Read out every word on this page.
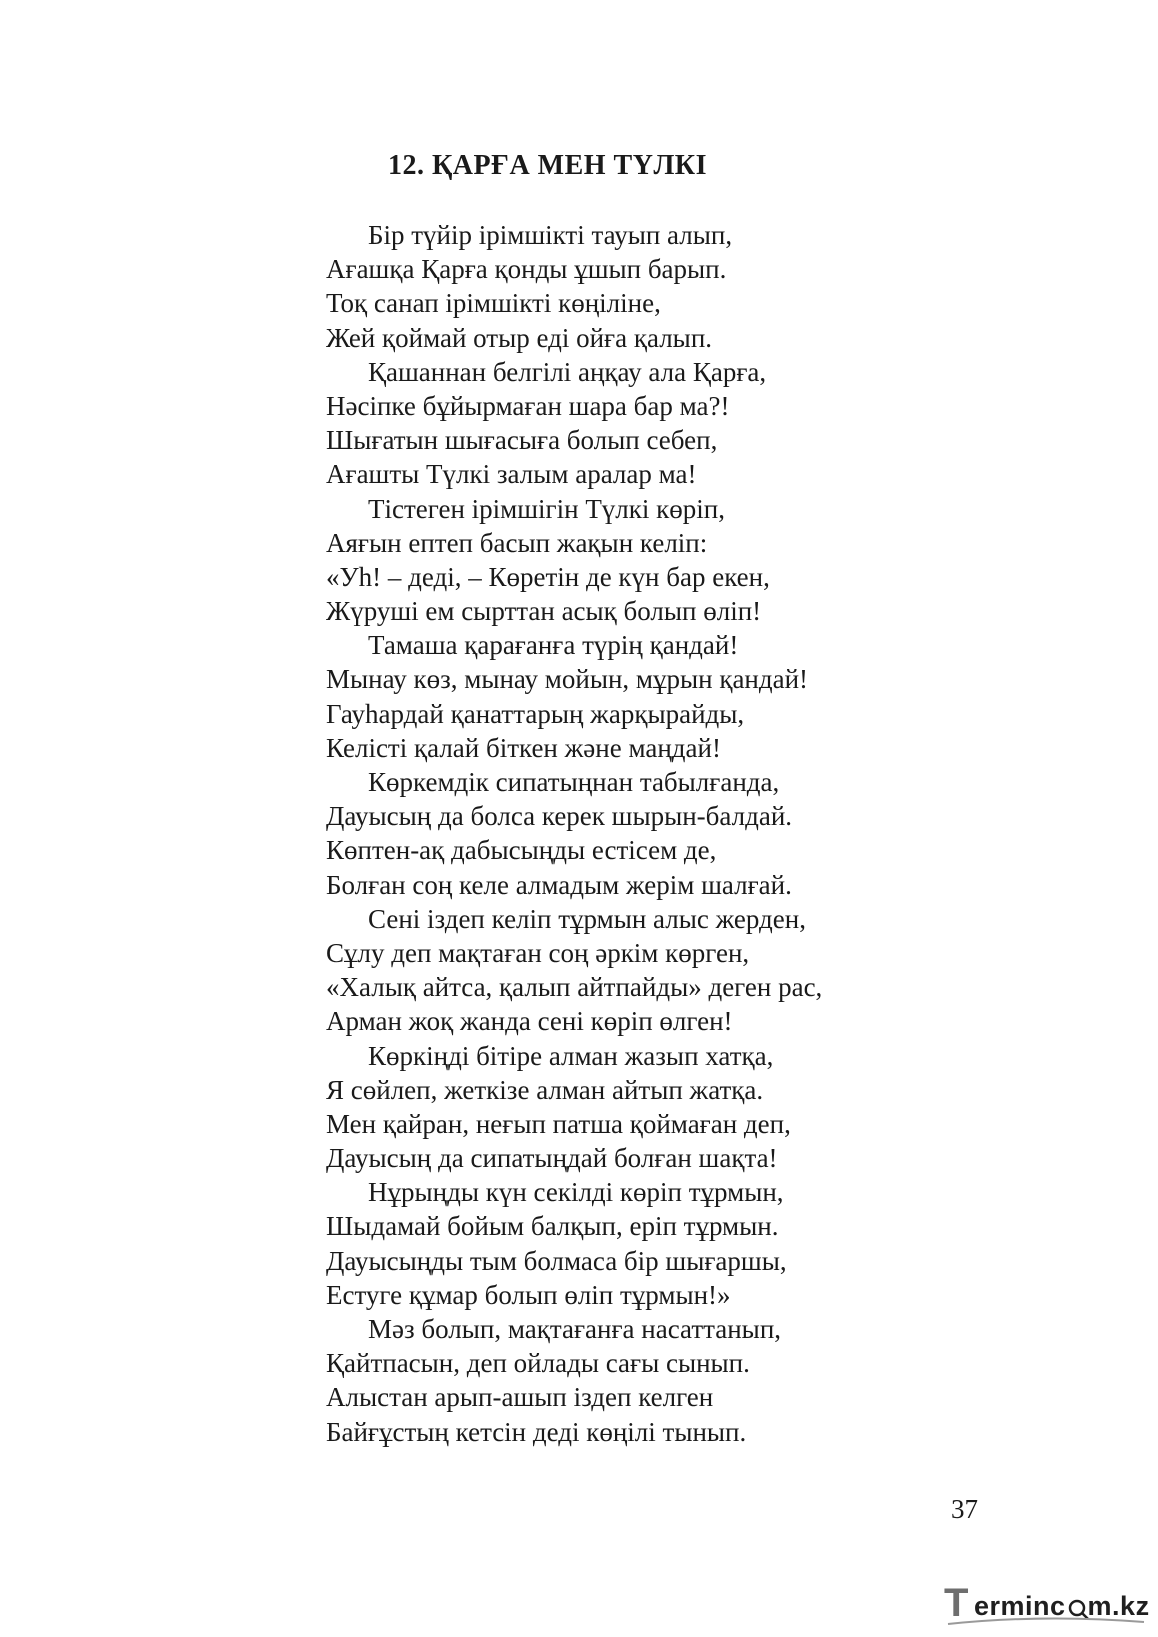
12. ҚАРҒА МЕН ТҮЛКІ
Бір түйір ірімшікті тауып алып,
Ағашқа Қарға қонды ұшып барып.
Тоқ санап ірімшікті көңіліне,
Жей қоймай отыр еді ойға қалып.
Қашаннан белгілі аңқау ала Қарға,
Нәсіпке бұйырмаған шара бар ма?!
Шығатын шығасыға болып себеп,
Ағашты Түлкі залым аралар ма!
Тістеген ірімшігін Түлкі көріп,
Аяғын ептеп басып жақын келіп:
«Уһ! – деді, – Көретін де күн бар екен,
Жүруші ем сырттан асық болып өліп!
Тамаша қарағанға түрің қандай!
Мынау көз, мынау мойын, мұрын қандай!
Гауһардай қанаттарың жарқырайды,
Келісті қалай біткен және маңдай!
Көркемдік сипатыңнан табылғанда,
Дауысың да болса керек шырын-балдай.
Көптен-ақ дабысыңды естісем де,
Болған соң келе алмадым жерім шалғай.
Сені іздеп келіп тұрмын алыс жерден,
Сұлу деп мақтаған соң әркім көрген,
«Халық айтса, қалып айтпайды» деген рас,
Арман жоқ жанда сені көріп өлген!
Көркіңді бітіре алман жазып хатқа,
Я сөйлеп, жеткізе алман айтып жатқа.
Мен қайран, неғып патша қоймаған деп,
Дауысың да сипатыңдай болған шақта!
Нұрыңды күн секілді көріп тұрмын,
Шыдамай бойым балқып, еріп тұрмын.
Дауысыңды тым болмаса бір шығаршы,
Естуге құмар болып өліп тұрмын!»
Мәз болып, мақтағанға насаттанып,
Қайтпасын, деп ойлады сағы сынып.
Алыстан арып-ашып іздеп келген
Байғұстың кетсін деді көңілі тынып.
37
T erminc m.kz
